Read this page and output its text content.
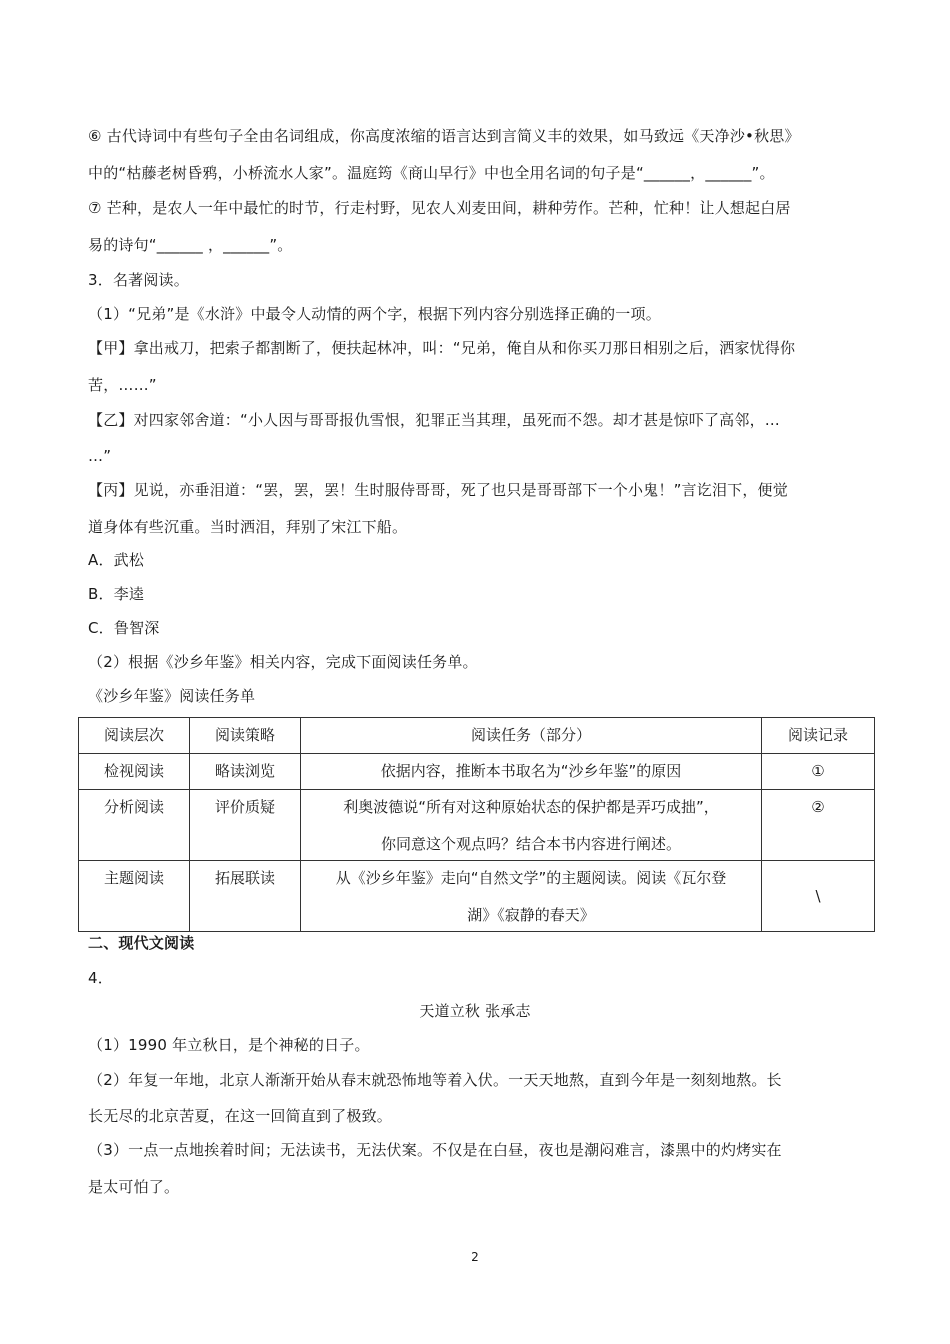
⑥ 古代诗词中有些句子全由名词组成，你高度浓缩的语言达到言简义丰的效果，如马致远《天净沙•秋思》
中的“枯藤老树昏鸦，小桥流水人家”。温庭筠《商山早行》中也全用名词的句子是“______，______”。
⑦ 芒种，是农人一年中最忙的时节，行走村野，见农人刈麦田间，耕种劳作。芒种，忙种！让人想起白居
易的诗句“______ ，______”。
3．名著阅读。
（1）“兄弟”是《水浒》中最令人动情的两个字，根据下列内容分别选择正确的一项。
【甲】拿出戒刀，把索子都割断了，便扶起林冲，叫：“兄弟，俺自从和你买刀那日相别之后，洒家忧得你
苦，……”
【乙】对四家邻舍道：“小人因与哥哥报仇雪恨，犯罪正当其理，虽死而不怨。却才甚是惊吓了高邻，…
…”
【丙】见说，亦垂泪道：“罢，罢，罢！生时服侍哥哥，死了也只是哥哥部下一个小鬼！”言讫泪下，便觉
道身体有些沉重。当时洒泪，拜别了宋江下船。
A．武松
B．李逵
C．鲁智深
（2）根据《沙乡年鉴》相关内容，完成下面阅读任务单。
《沙乡年鉴》阅读任务单
阅读层次	阅读策略	阅读任务（部分）	阅读记录

检视阅读	略读浏览	依据内容，推断本书取名为“沙乡年鉴”的原因	①

分析阅读	评价质疑	利奥波德说“所有对这种原始状态的保护都是弄巧成拙”，
你同意这个观点吗？结合本书内容进行阐述。	②

主题阅读	拓展联读	从《沙乡年鉴》走向“自然文学”的主题阅读。阅读《瓦尔登
湖》《寂静的春天》	\
二、现代文阅读
4．
天道立秋 张承志
（1）1990 年立秋日，是个神秘的日子。
（2）年复一年地，北京人渐渐开始从春末就恐怖地等着入伏。一天天地熬，直到今年是一刻刻地熬。长
长无尽的北京苦夏，在这一回简直到了极致。
（3）一点一点地挨着时间；无法读书，无法伏案。不仅是在白昼，夜也是潮闷难言，漆黑中的灼烤实在
是太可怕了。
2
